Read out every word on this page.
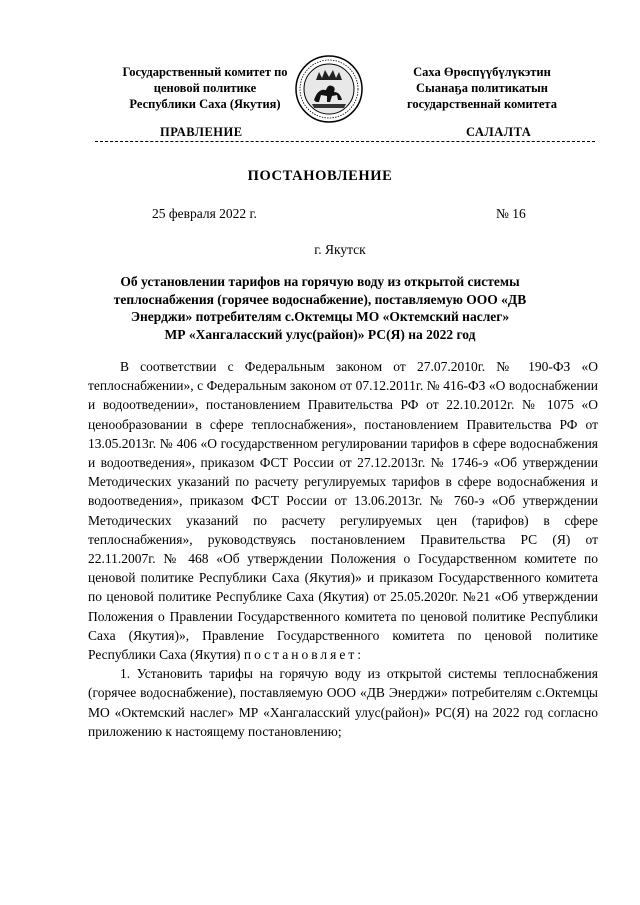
Государственный комитет по
ценовой политике
Республики Саха (Якутия)
Саха Өрөспүүбүлүкэтин
Сыанаҕа политикатын
государственнай комитета
ПРАВЛЕНИЕ	САЛАЛТА
ПОСТАНОВЛЕНИЕ
25 февраля 2022 г.	№ 16
г. Якутск
Об установлении тарифов на горячую воду из открытой системы
теплоснабжения (горячее водоснабжение), поставляемую ООО «ДВ
Энерджи» потребителям с.Октемцы МО «Октемский наслег»
МР «Хангаласский улус(район)» РС(Я) на 2022 год

В соответствии с Федеральным законом от 27.07.2010г. № 190-ФЗ «О теплоснабжении», с Федеральным законом от 07.12.2011г. № 416-ФЗ «О водоснабжении и водоотведении», постановлением Правительства РФ от 22.10.2012г. № 1075 «О ценообразовании в сфере теплоснабжения», постановлением Правительства РФ от 13.05.2013г. № 406 «О государственном регулировании тарифов в сфере водоснабжения и водоотведения», приказом ФСТ России от 27.12.2013г. № 1746-э «Об утверждении Методических указаний по расчету регулируемых тарифов в сфере водоснабжения и водоотведения», приказом ФСТ России от 13.06.2013г. № 760-э «Об утверждении Методических указаний по расчету регулируемых цен (тарифов) в сфере теплоснабжения», руководствуясь постановлением Правительства РС (Я) от 22.11.2007г. № 468 «Об утверждении Положения о Государственном комитете по ценовой политике Республики Саха (Якутия)» и приказом Государственного комитета по ценовой политике Республике Саха (Якутия) от 25.05.2020г. №21 «Об утверждении Положения о Правлении Государственного комитета по ценовой политике Республики Саха (Якутия)», Правление Государственного комитета по ценовой политике Республики Саха (Якутия) постановляет:

1. Установить тарифы на горячую воду из открытой системы теплоснабжения (горячее водоснабжение), поставляемую ООО «ДВ Энерджи» потребителям с.Октемцы МО «Октемский наслег» МР «Хангаласский улус(район)» РС(Я) на 2022 год согласно приложению к настоящему постановлению;
